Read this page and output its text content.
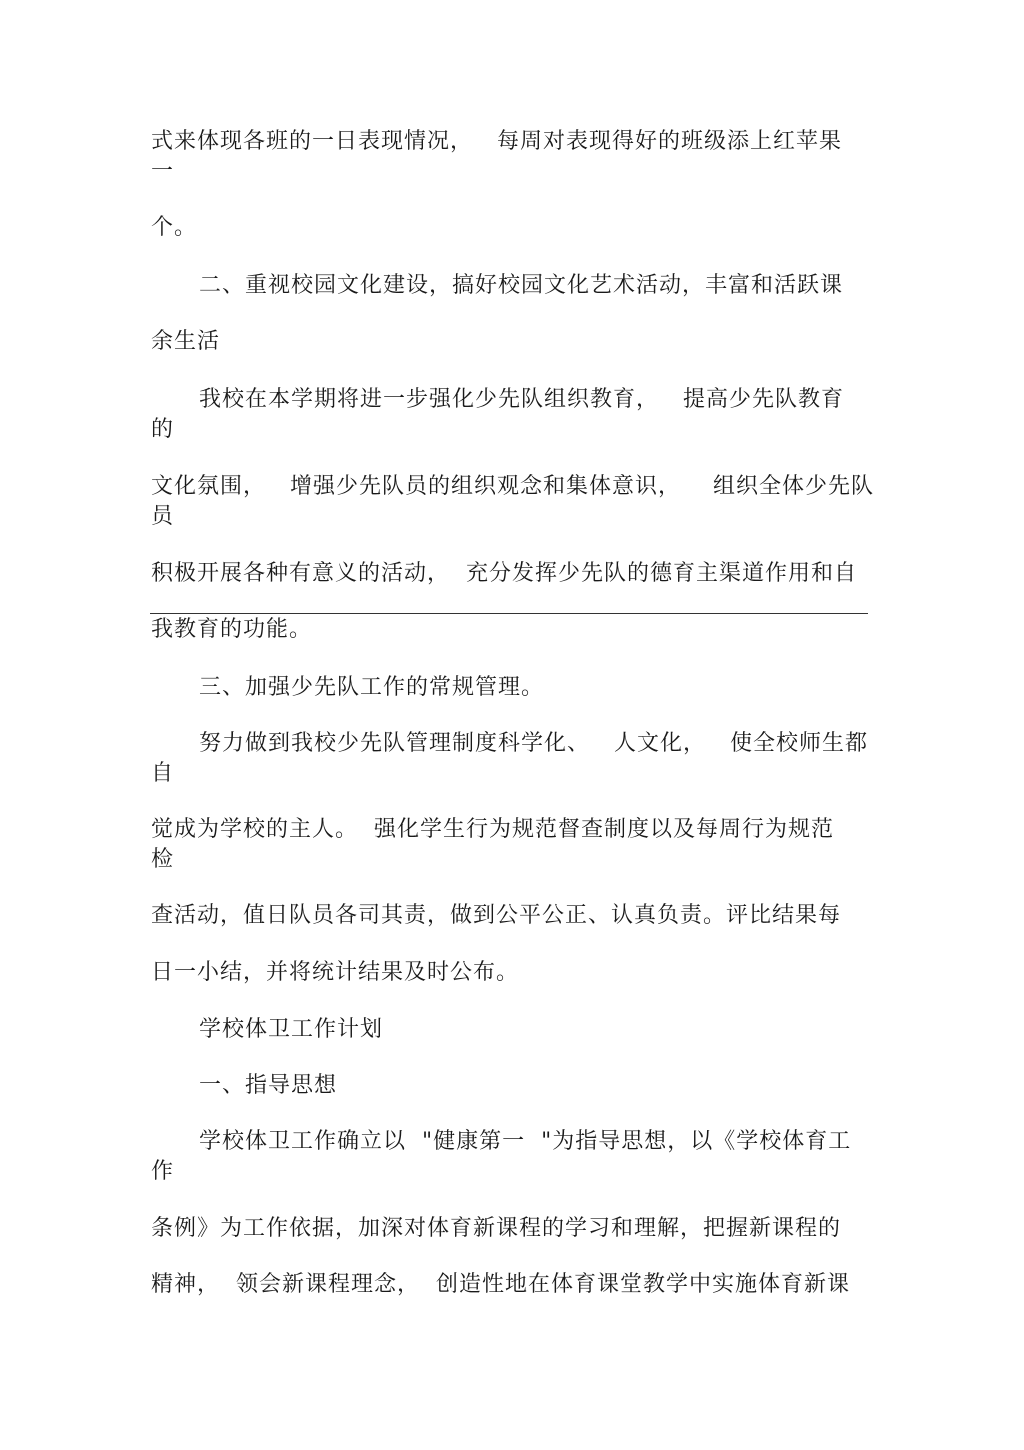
式来体现各班的一日表现情况，   每周对表现得好的班级添上红苹果
一
个。
二、重视校园文化建设，搞好校园文化艺术活动，丰富和活跃课
余生活
我校在本学期将进一步强化少先队组织教育，   提高少先队教育
的
文化氛围，   增强少先队员的组织观念和集体意识，    组织全体少先队
员
积极开展各种有意义的活动，  充分发挥少先队的德育主渠道作用和自
我教育的功能。
三、加强少先队工作的常规管理。
努力做到我校少先队管理制度科学化、   人文化，   使全校师生都
自
觉成为学校的主人。  强化学生行为规范督查制度以及每周行为规范
检
查活动，值日队员各司其责，做到公平公正、认真负责。评比结果每
日一小结，并将统计结果及时公布。
学校体卫工作计划
一、指导思想
学校体卫工作确立以  "健康第一  "为指导思想，以《学校体育工
作
条例》为工作依据，加深对体育新课程的学习和理解，把握新课程的
精神，  领会新课程理念，  创造性地在体育课堂教学中实施体育新课
